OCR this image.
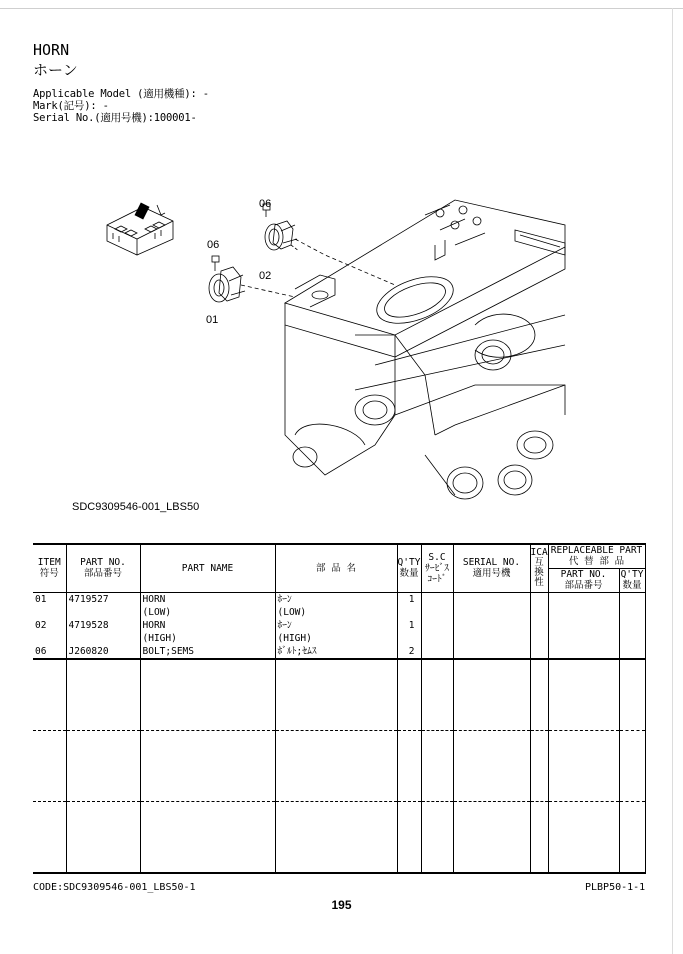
HORN
ホーン
Applicable Model (適用機種): -
Mark(記号): -
Serial No.(適用号機):100001-
06
06
02
01
SDC9309546-001_LBS50
ITEM
符号	PART NO.
部品番号	PART NAME	部 品 名	Q'TY
数量	S.C
ｻｰﾋﾞｽ
ｺｰﾄﾞ	SERIAL NO.
適用号機	ICA
互
換
性	REPLACEABLE PART
代 替 部 品	
								PART NO.
部品番号	Q'TY
数量
01	4719527	HORN	ﾎｰﾝ	1					
		(LOW)	(LOW)						
02	4719528	HORN	ﾎｰﾝ	1					
		(HIGH)	(HIGH)						
06	J260820	BOLT;SEMS	ﾎﾞﾙﾄ;ｾﾑｽ	2					

CODE:SDC9309546-001_LBS50-1
195
PLBP50-1-1
